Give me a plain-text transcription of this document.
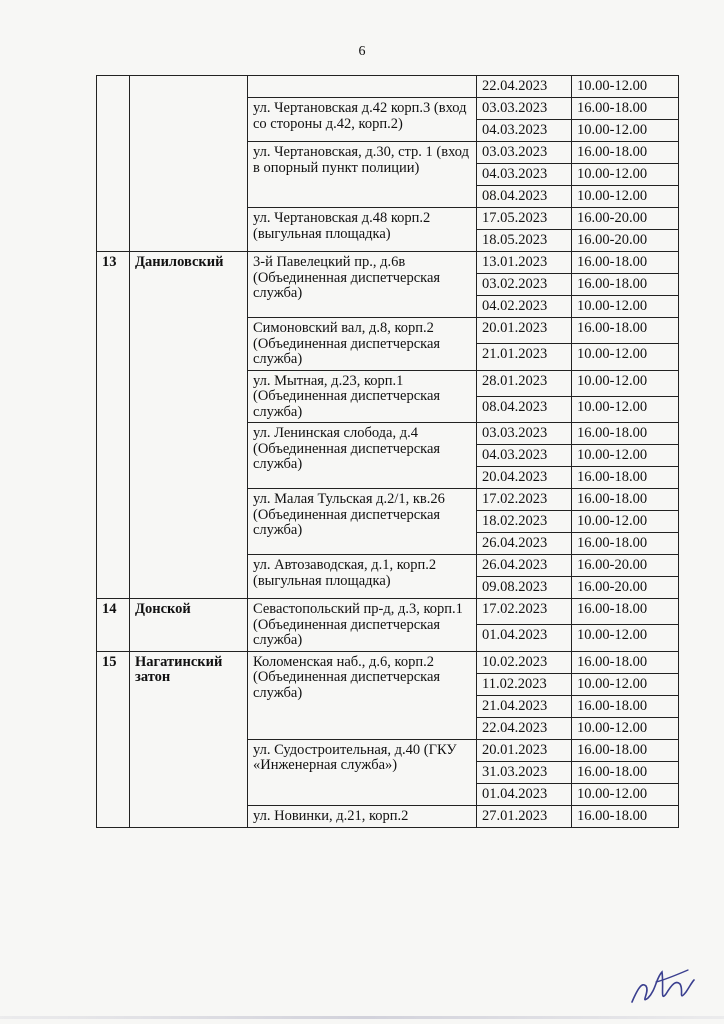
6
			22.04.2023	10.00-12.00
		ул. Чертановская д.42 корп.3 (вход со стороны д.42, корп.2)	03.03.2023	16.00-18.00
			04.03.2023	10.00-12.00
		ул. Чертановская, д.30, стр. 1 (вход в опорный пункт полиции)	03.03.2023	16.00-18.00
			04.03.2023	10.00-12.00
			08.04.2023	10.00-12.00
		ул. Чертановская д.48 корп.2 (выгульная площадка)	17.05.2023	16.00-20.00
			18.05.2023	16.00-20.00
13	Даниловский	3-й Павелецкий пр., д.6в (Объединенная диспетчерская служба)	13.01.2023	16.00-18.00
			03.02.2023	16.00-18.00
			04.02.2023	10.00-12.00
		Симоновский вал, д.8, корп.2 (Объединенная диспетчерская служба)	20.01.2023	16.00-18.00
			21.01.2023	10.00-12.00
		ул. Мытная, д.23, корп.1 (Объединенная диспетчерская служба)	28.01.2023	10.00-12.00
			08.04.2023	10.00-12.00
		ул. Ленинская слобода, д.4 (Объединенная диспетчерская служба)	03.03.2023	16.00-18.00
			04.03.2023	10.00-12.00
			20.04.2023	16.00-18.00
		ул. Малая Тульская д.2/1, кв.26 (Объединенная диспетчерская служба)	17.02.2023	16.00-18.00
			18.02.2023	10.00-12.00
			26.04.2023	16.00-18.00
		ул. Автозаводская, д.1, корп.2 (выгульная площадка)	26.04.2023	16.00-20.00
			09.08.2023	16.00-20.00
14	Донской	Севастопольский пр-д, д.3, корп.1 (Объединенная диспетчерская служба)	17.02.2023	16.00-18.00
			01.04.2023	10.00-12.00
15	Нагатинский затон	Коломенская наб., д.6, корп.2 (Объединенная диспетчерская служба)	10.02.2023	16.00-18.00
			11.02.2023	10.00-12.00
			21.04.2023	16.00-18.00
			22.04.2023	10.00-12.00
		ул. Судостроительная, д.40 (ГКУ «Инженерная служба»)	20.01.2023	16.00-18.00
			31.03.2023	16.00-18.00
			01.04.2023	10.00-12.00
		ул. Новинки, д.21, корп.2	27.01.2023	16.00-18.00
